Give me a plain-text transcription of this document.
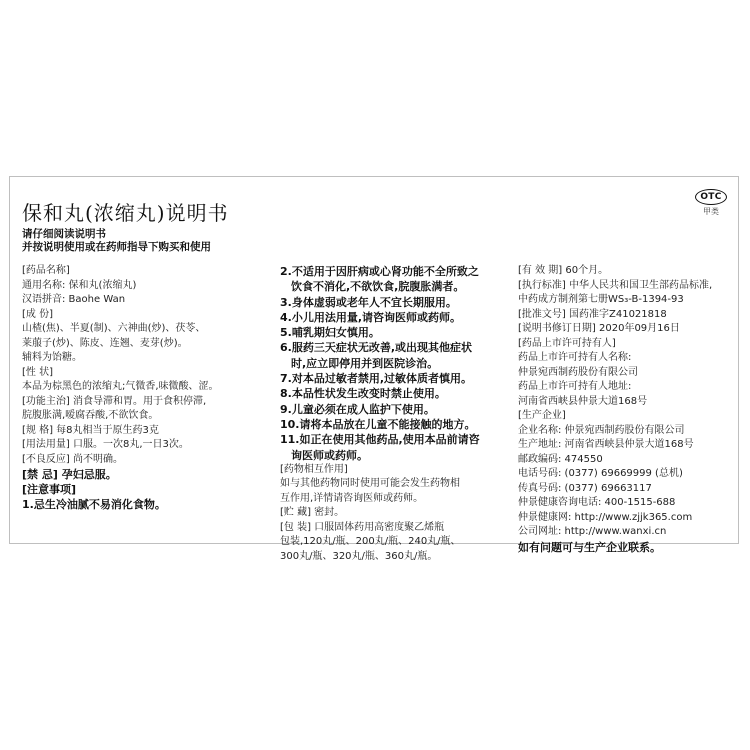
保和丸(浓缩丸)说明书
OTC
甲类
请仔细阅读说明书
并按说明使用或在药师指导下购买和使用
[药品名称]
通用名称: 保和丸(浓缩丸)
汉语拼音: Baohe Wan
[成 份]
山楂(焦)、半夏(制)、六神曲(炒)、茯苓、
莱菔子(炒)、陈皮、连翘、麦芽(炒)。
辅料为饴糖。
[性 状]
本品为棕黑色的浓缩丸;气微香,味微酸、涩。
[功能主治] 消食导滞和胃。用于食积停滞,
脘腹胀满,嗳腐吞酸,不欲饮食。
[规 格] 每8丸相当于原生药3克
[用法用量] 口服。一次8丸,一日3次。
[不良反应] 尚不明确。
[禁 忌] 孕妇忌服。
[注意事项]
1.忌生冷油腻不易消化食物。
2.不适用于因肝病或心肾功能不全所致之
饮食不消化,不欲饮食,脘腹胀满者。
3.身体虚弱或老年人不宜长期服用。
4.小儿用法用量,请咨询医师或药师。
5.哺乳期妇女慎用。
6.服药三天症状无改善,或出现其他症状
时,应立即停用并到医院诊治。
7.对本品过敏者禁用,过敏体质者慎用。
8.本品性状发生改变时禁止使用。
9.儿童必须在成人监护下使用。
10.请将本品放在儿童不能接触的地方。
11.如正在使用其他药品,使用本品前请咨
询医师或药师。
[药物相互作用]
如与其他药物同时使用可能会发生药物相
互作用,详情请咨询医师或药师。
[贮 藏] 密封。
[包 装] 口服固体药用高密度聚乙烯瓶
包装,120丸/瓶、200丸/瓶、240丸/瓶、
300丸/瓶、320丸/瓶、360丸/瓶。
[有 效 期] 60个月。
[执行标准] 中华人民共和国卫生部药品标准,
中药成方制剂第七册WS₃-B-1394-93
[批准文号] 国药准字Z41021818
[说明书修订日期] 2020年09月16日
[药品上市许可持有人]
药品上市许可持有人名称:
仲景宛西制药股份有限公司
药品上市许可持有人地址:
河南省西峡县仲景大道168号
[生产企业]
企业名称: 仲景宛西制药股份有限公司
生产地址: 河南省西峡县仲景大道168号
邮政编码: 474550
电话号码: (0377) 69669999 (总机)
传真号码: (0377) 69663117
仲景健康咨询电话: 400-1515-688
仲景健康网: http://www.zjjk365.com
公司网址: http://www.wanxi.cn
如有问题可与生产企业联系。
